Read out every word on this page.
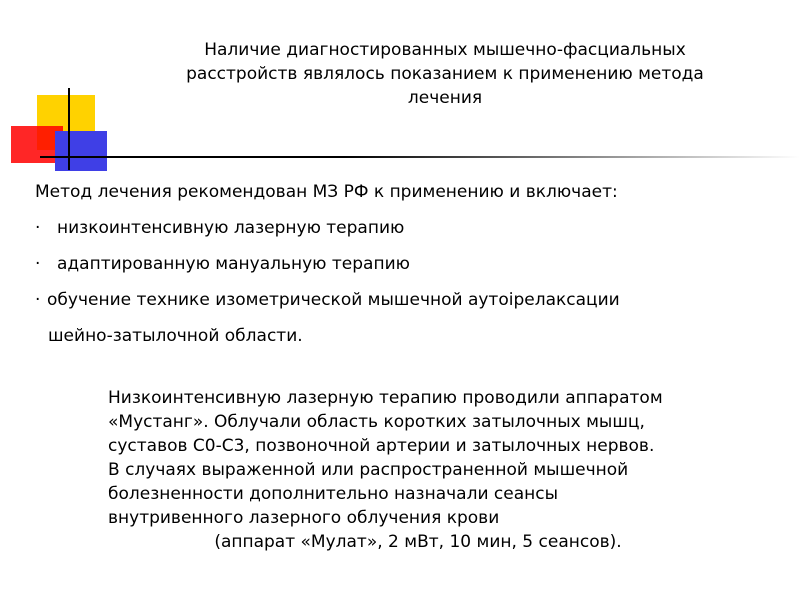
Наличие диагностированных мышечно-фасциальных
расстройств являлось показанием к применению метода
лечения
Метод лечения рекомендован МЗ РФ к применению и включает:
· низкоинтенсивную лазерную терапию
· адаптированную мануальную терапию
· обучение технике изометрической мышечной аутоірелаксации
шейно-затылочной области.
Низкоинтенсивную лазерную терапию проводили аппаратом
«Мустанг». Облучали область коротких затылочных мышц,
суставов С0-С3, позвоночной артерии и затылочных нервов.
В случаях выраженной или распространенной мышечной
болезненности дополнительно назначали сеансы
внутривенного лазерного облучения крови
(аппарат «Мулат», 2 мВт, 10 мин, 5 сеансов).
